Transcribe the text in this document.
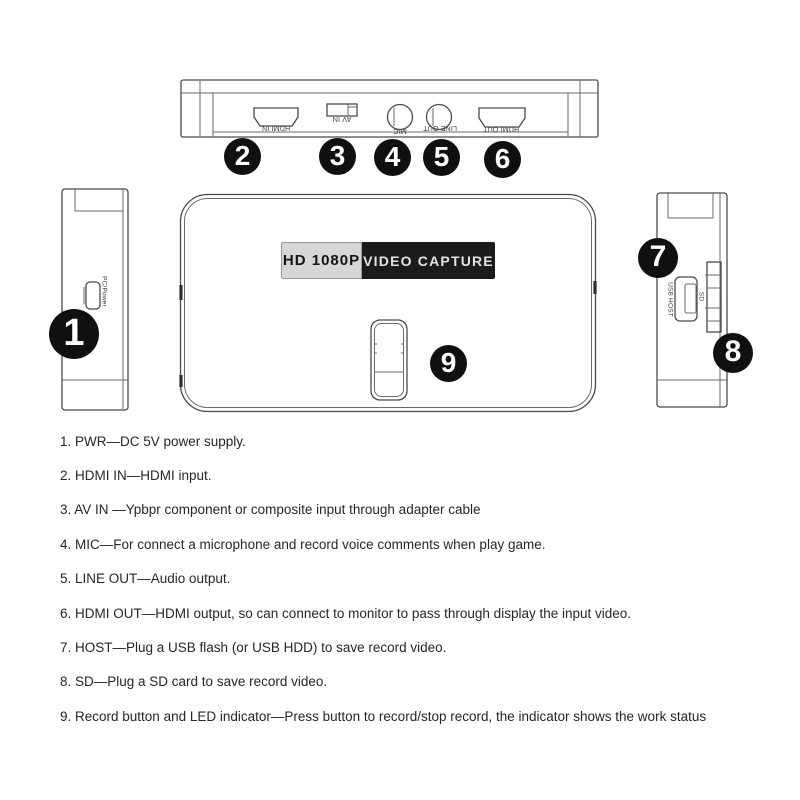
HDMI IN
AV IN
MIC	LINE OUT	HDMI OUT
PC/Power
HD 1080P VIDEO CAPTURE
USB HOST	SD
1
2	3 4 5 6
7
8
9
1. PWR—DC 5V power supply.
2. HDMI IN—HDMI input.
3. AV IN —Ypbpr component or composite input through adapter cable
4. MIC—For connect a microphone and record voice comments when play game.
5. LINE OUT—Audio output.
6. HDMI OUT—HDMI output, so can connect to monitor to pass through display the input video.
7. HOST—Plug a USB flash (or USB HDD) to save record video.
8. SD—Plug a SD card to save record video.
9. Record button and LED indicator—Press button to record/stop record, the indicator shows the work status
